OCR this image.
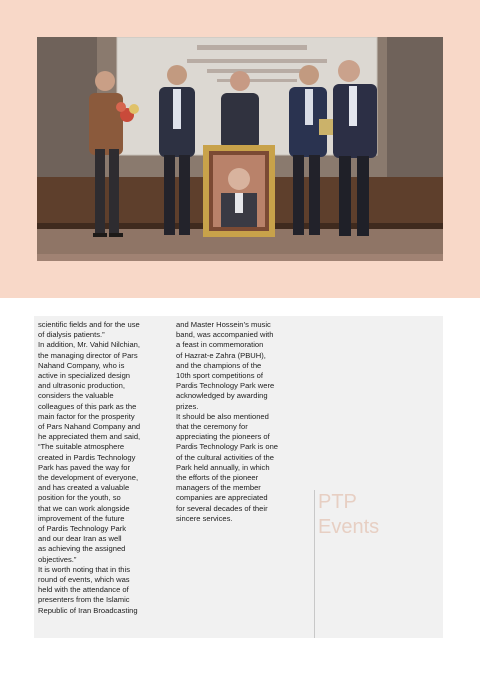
scientific fields and for the use
of dialysis patients.”
In addition, Mr. Vahid Nilchian,
the managing director of Pars
Nahand Company, who is
active in specialized design
and ultrasonic production,
considers the valuable
colleagues of this park as the
main factor for the prosperity
of Pars Nahand Company and
he appreciated them and said,
“The suitable atmosphere
created in Pardis Technology
Park has paved the way for
the development of everyone,
and has created a valuable
position for the youth, so
that we can work alongside
improvement of the future
of Pardis Technology Park
and our dear Iran as well
as achieving the assigned
objectives.”
It is worth noting that in this
round of events, which was
held with the attendance of
presenters from the Islamic
Republic of Iran Broadcasting

and Master Hossein’s music
band, was accompanied with
a feast in commemoration
of Hazrat-e Zahra (PBUH),
and the champions of the
10th sport competitions of
Pardis Technology Park were
acknowledged by awarding
prizes.
It should be also mentioned
that the ceremony for
appreciating the pioneers of
Pardis Technology Park is one
of the cultural activities of the
Park held annually, in which
the efforts of the pioneer
managers of the member
companies are appreciated
for several decades of their
sincere services.

PTP
Events
